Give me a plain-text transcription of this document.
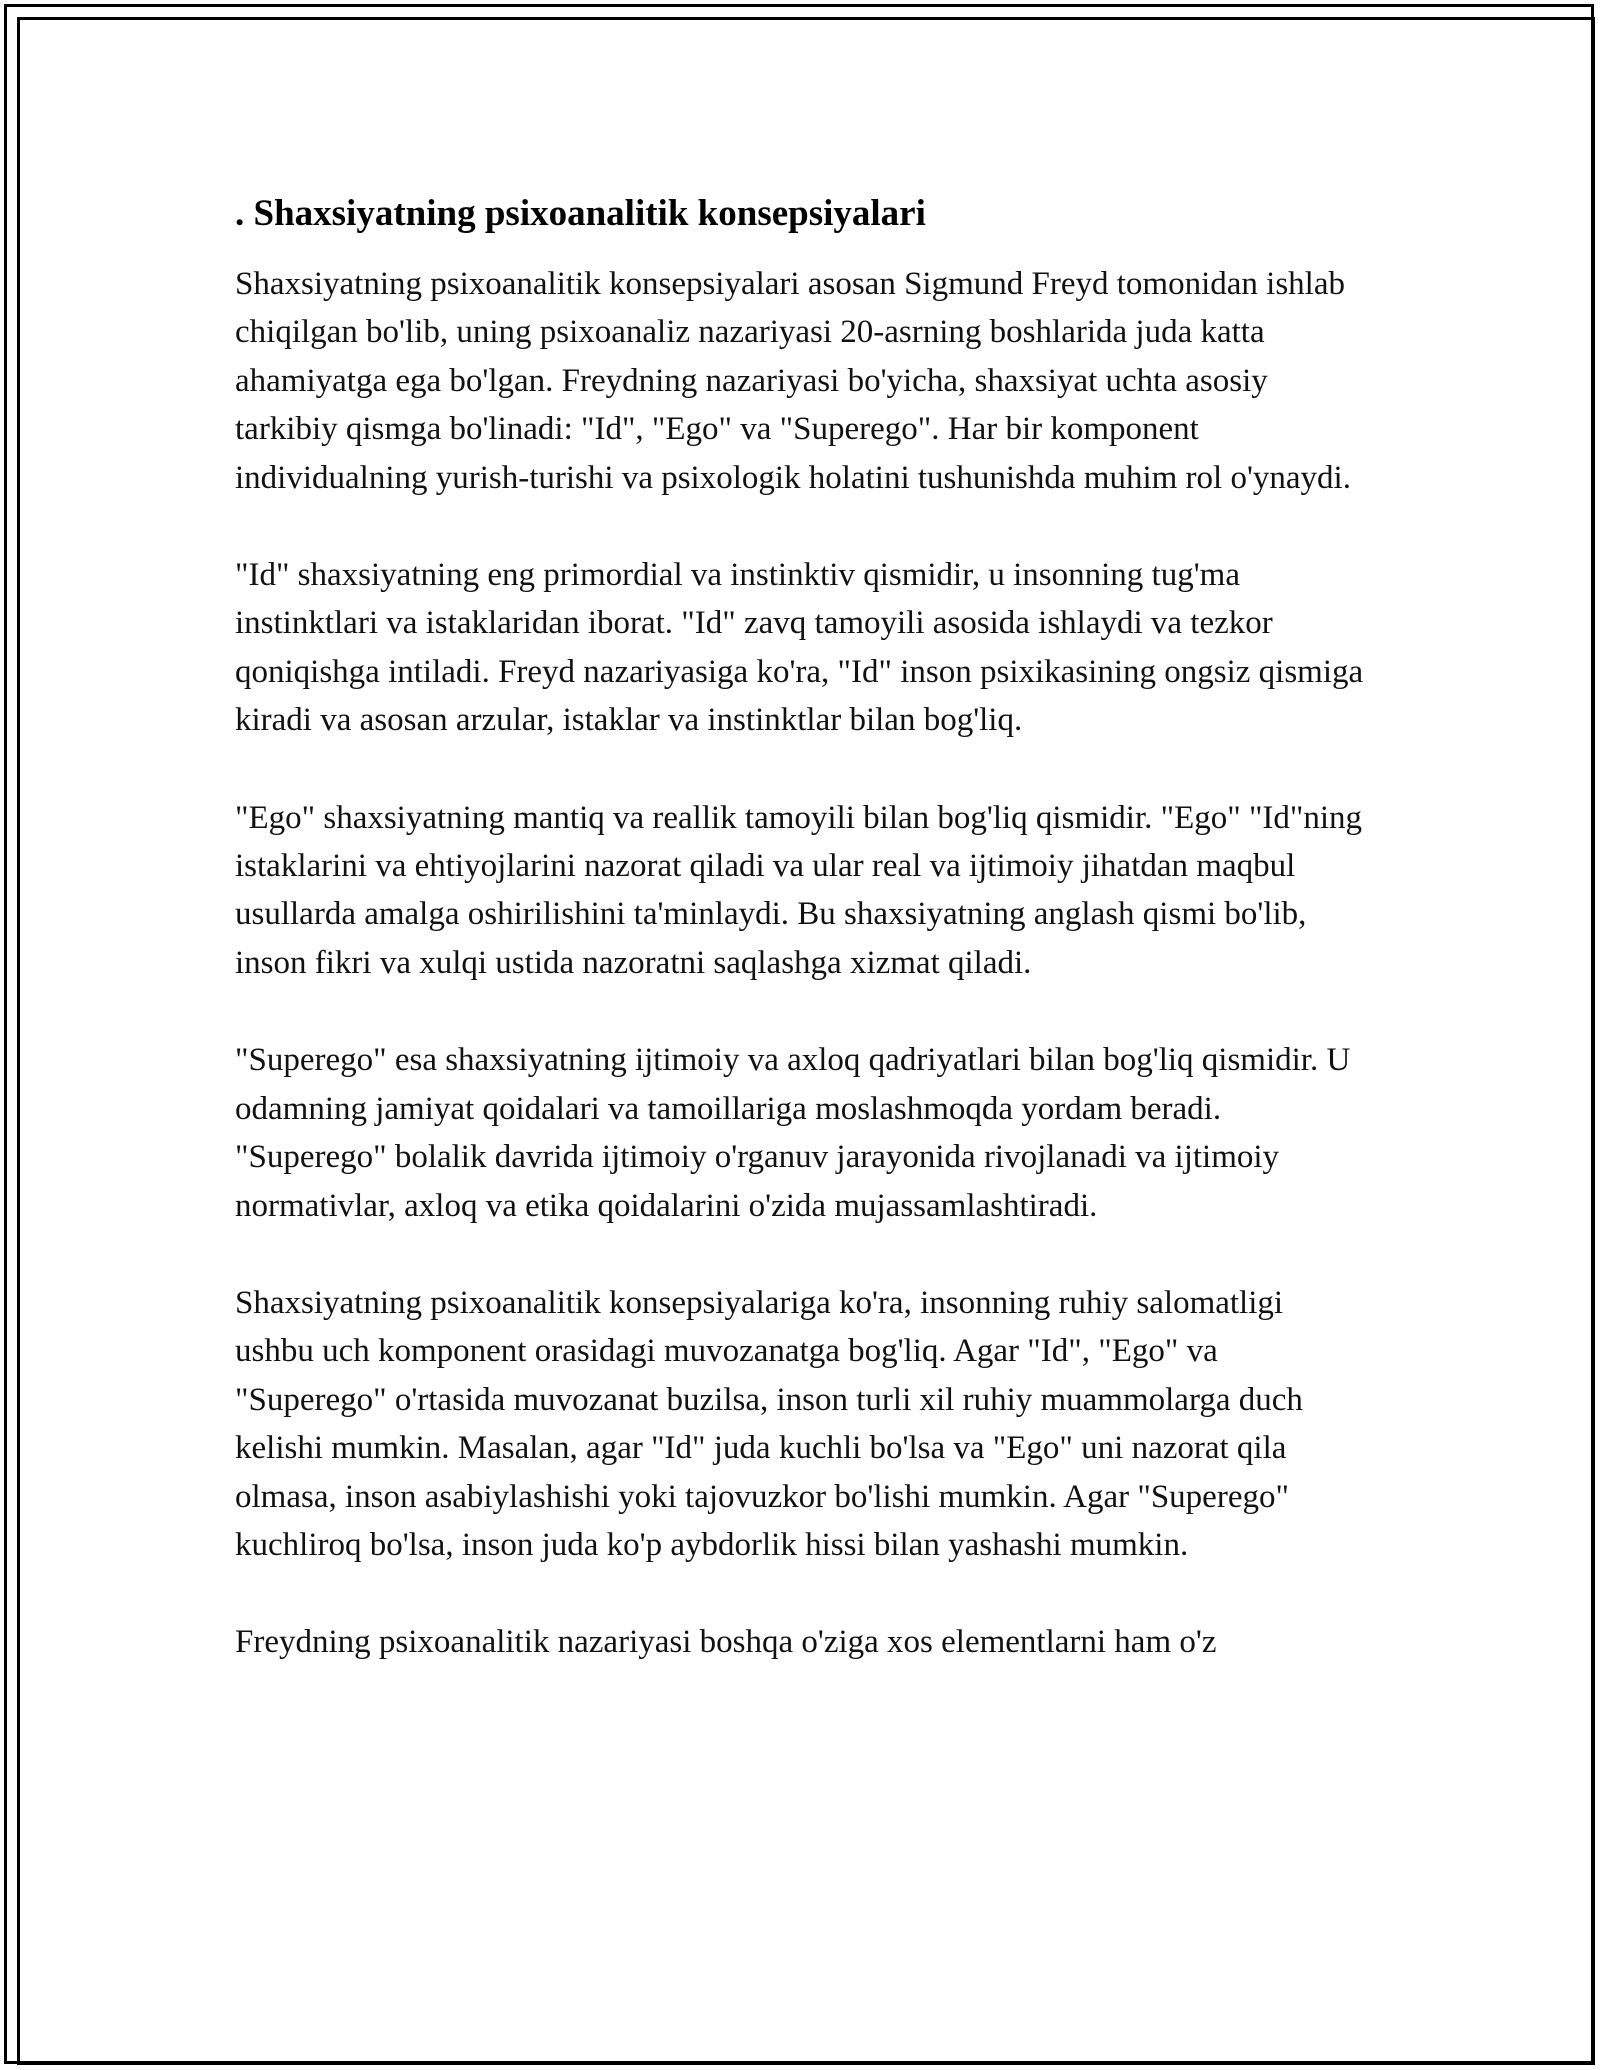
. Shaxsiyatning psixoanalitik konsepsiyalari

Shaxsiyatning psixoanalitik konsepsiyalari asosan Sigmund Freyd tomonidan ishlab chiqilgan bo'lib, uning psixoanaliz nazariyasi 20-asrning boshlarida juda katta ahamiyatga ega bo'lgan. Freydning nazariyasi bo'yicha, shaxsiyat uchta asosiy tarkibiy qismga bo'linadi: "Id", "Ego" va "Superego". Har bir komponent individualning yurish-turishi va psixologik holatini tushunishda muhim rol o'ynaydi.

"Id" shaxsiyatning eng primordial va instinktiv qismidir, u insonning tug'ma instinktlari va istaklaridan iborat. "Id" zavq tamoyili asosida ishlaydi va tezkor qoniqishga intiladi. Freyd nazariyasiga ko'ra, "Id" inson psixikasining ongsiz qismiga kiradi va asosan arzular, istaklar va instinktlar bilan bog'liq.

"Ego" shaxsiyatning mantiq va reallik tamoyili bilan bog'liq qismidir. "Ego" "Id"ning istaklarini va ehtiyojlarini nazorat qiladi va ular real va ijtimoiy jihatdan maqbul usullarda amalga oshirilishini ta'minlaydi. Bu shaxsiyatning anglash qismi bo'lib, inson fikri va xulqi ustida nazoratni saqlashga xizmat qiladi.

"Superego" esa shaxsiyatning ijtimoiy va axloq qadriyatlari bilan bog'liq qismidir. U odamning jamiyat qoidalari va tamoillariga moslashmoqda yordam beradi. "Superego" bolalik davrida ijtimoiy o'rganuv jarayonida rivojlanadi va ijtimoiy normativlar, axloq va etika qoidalarini o'zida mujassamlashtiradi.

Shaxsiyatning psixoanalitik konsepsiyalariga ko'ra, insonning ruhiy salomatligi ushbu uch komponent orasidagi muvozanatga bog'liq. Agar "Id", "Ego" va "Superego" o'rtasida muvozanat buzilsa, inson turli xil ruhiy muammolarga duch kelishi mumkin. Masalan, agar "Id" juda kuchli bo'lsa va "Ego" uni nazorat qila olmasa, inson asabiylashishi yoki tajovuzkor bo'lishi mumkin. Agar "Superego" kuchliroq bo'lsa, inson juda ko'p aybdorlik hissi bilan yashashi mumkin.

Freydning psixoanalitik nazariyasi boshqa o'ziga xos elementlarni ham o'z
